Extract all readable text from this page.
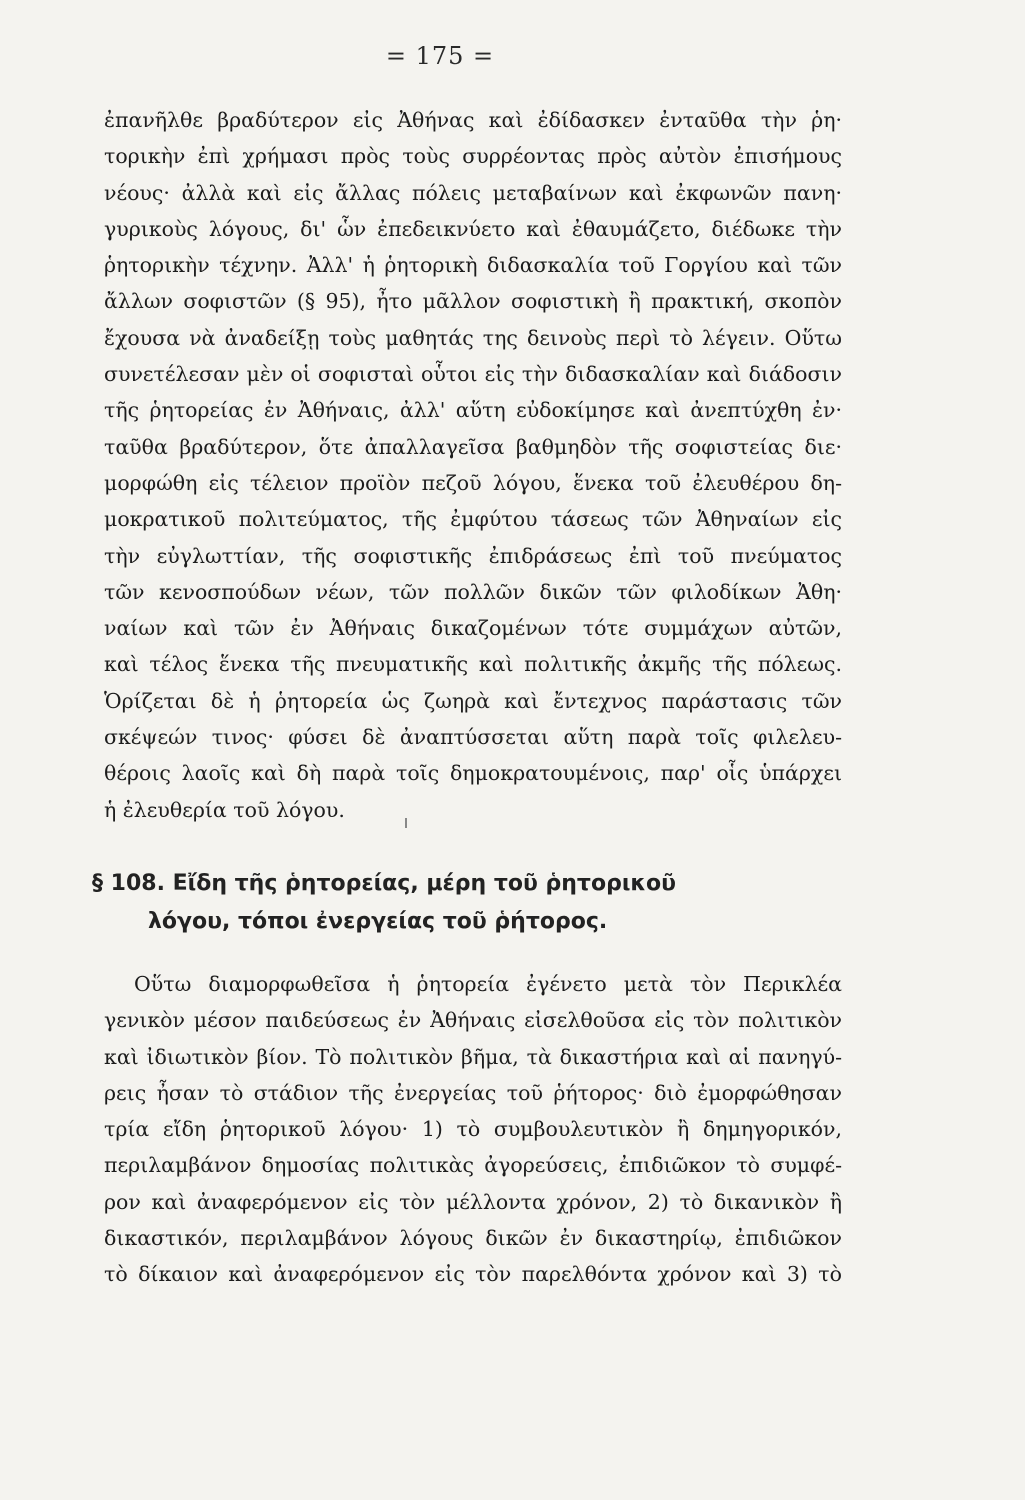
= 175 =
ἐπανῆλθε βραδύτερον εἰς Ἀθήνας καὶ ἐδίδασκεν ἐνταῦθα τὴν ῥη·
τορικὴν ἐπὶ χρήμασι πρὸς τοὺς συρρέοντας πρὸς αὐτὸν ἐπισήμους
νέους· ἀλλὰ καὶ εἰς ἄλλας πόλεις μεταβαίνων καὶ ἐκφωνῶν πανη·
γυρικοὺς λόγους, δι' ὧν ἐπεδεικνύετο καὶ ἐθαυμάζετο, διέδωκε τὴν
ῥητορικὴν τέχνην. Ἀλλ' ἡ ῥητορικὴ διδασκαλία τοῦ Γοργίου καὶ τῶν
ἄλλων σοφιστῶν (§ 95), ἦτο μᾶλλον σοφιστικὴ ἢ πρακτική, σκοπὸν
ἔχουσα νὰ ἀναδείξῃ τοὺς μαθητάς της δεινοὺς περὶ τὸ λέγειν. Οὕτω
συνετέλεσαν μὲν οἱ σοφισταὶ οὗτοι εἰς τὴν διδασκαλίαν καὶ διάδοσιν
τῆς ῥητορείας ἐν Ἀθήναις, ἀλλ' αὕτη εὐδοκίμησε καὶ ἀνεπτύχθη ἐν·
ταῦθα βραδύτερον, ὅτε ἀπαλλαγεῖσα βαθμηδὸν τῆς σοφιστείας διε·
μορφώθη εἰς τέλειον προϊὸν πεζοῦ λόγου, ἕνεκα τοῦ ἐλευθέρου δη-
μοκρατικοῦ πολιτεύματος, τῆς ἐμφύτου τάσεως τῶν Ἀθηναίων εἰς
τὴν εὐγλωττίαν, τῆς σοφιστικῆς ἐπιδράσεως ἐπὶ τοῦ πνεύματος
τῶν κενοσπούδων νέων, τῶν πολλῶν δικῶν τῶν φιλοδίκων Ἀθη·
ναίων καὶ τῶν ἐν Ἀθήναις δικαζομένων τότε συμμάχων αὐτῶν,
καὶ τέλος ἕνεκα τῆς πνευματικῆς καὶ πολιτικῆς ἀκμῆς τῆς πόλεως.
Ὁρίζεται δὲ ἡ ῥητορεία ὡς ζωηρὰ καὶ ἔντεχνος παράστασις τῶν
σκέψεών τινος· φύσει δὲ ἀναπτύσσεται αὕτη παρὰ τοῖς φιλελευ-
θέροις λαοῖς καὶ δὴ παρὰ τοῖς δημοκρατουμένοις, παρ' οἷς ὑπάρχει
ἡ ἐλευθερία τοῦ λόγου.
§ 108. Εἴδη τῆς ῥητορείας, μέρη τοῦ ῥητορικοῦ
λόγου, τόποι ἐνεργείας τοῦ ῥήτορος.
Οὕτω διαμορφωθεῖσα ἡ ῥητορεία ἐγένετο μετὰ τὸν Περικλέα
γενικὸν μέσον παιδεύσεως ἐν Ἀθήναις εἰσελθοῦσα εἰς τὸν πολιτικὸν
καὶ ἰδιωτικὸν βίον. Τὸ πολιτικὸν βῆμα, τὰ δικαστήρια καὶ αἱ πανηγύ-
ρεις ἦσαν τὸ στάδιον τῆς ἐνεργείας τοῦ ῥήτορος· διὸ ἐμορφώθησαν
τρία εἴδη ῥητορικοῦ λόγου· 1) τὸ συμβουλευτικὸν ἢ δημηγορικόν,
περιλαμβάνον δημοσίας πολιτικὰς ἀγορεύσεις, ἐπιδιῶκον τὸ συμφέ-
ρον καὶ ἀναφερόμενον εἰς τὸν μέλλοντα χρόνον, 2) τὸ δικανικὸν ἢ
δικαστικόν, περιλαμβάνον λόγους δικῶν ἐν δικαστηρίῳ, ἐπιδιῶκον
τὸ δίκαιον καὶ ἀναφερόμενον εἰς τὸν παρελθόντα χρόνον καὶ 3) τὸ
